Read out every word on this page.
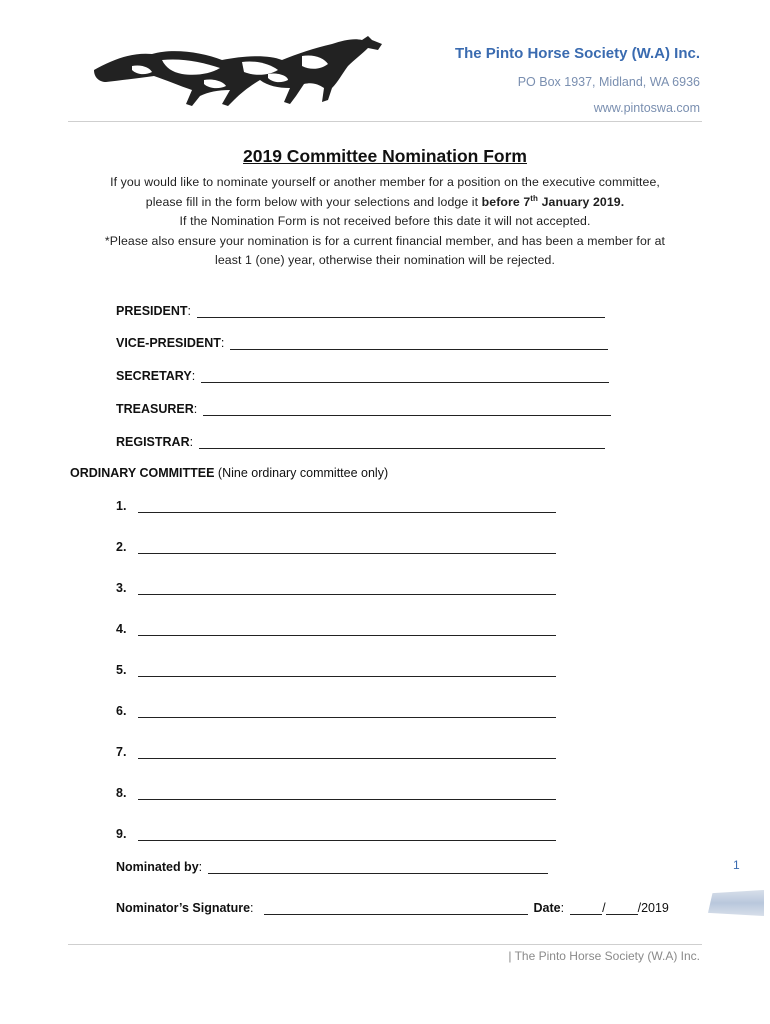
The Pinto Horse Society (W.A) Inc.
PO Box 1937, Midland, WA 6936
www.pintoswa.com
2019 Committee Nomination Form

If you would like to nominate yourself or another member for a position on the executive committee,

please fill in the form below with your selections and lodge it before 7th January 2019.

If the Nomination Form is not received before this date it will not accepted.

*Please also ensure your nomination is for a current financial member, and has been a member for at

least 1 (one) year, otherwise their nomination will be rejected.

PRESIDENT :
VICE-PRESIDENT :
SECRETARY :
TREASURER :
REGISTRAR :
ORDINARY COMMITTEE (Nine ordinary committee only)
1.
2.
3.
4.
5.
6.
7.
8.
9.
Nominated by :
Nominator’s Signature :	Date :	/	/2019
1
| The Pinto Horse Society (W.A) Inc.
